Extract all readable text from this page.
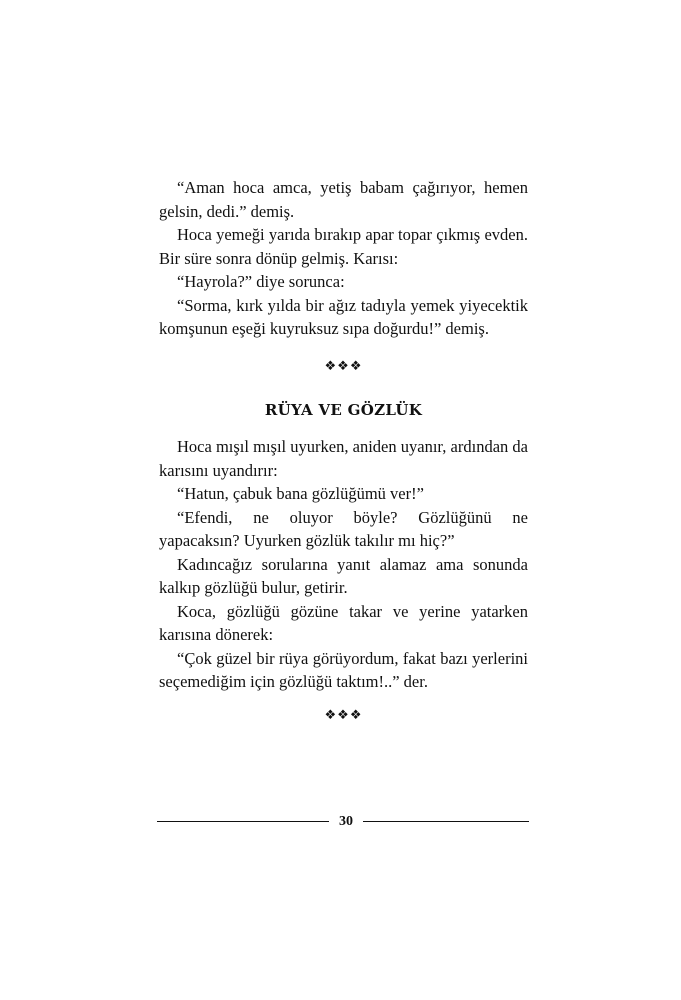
“Aman hoca amca, yetiş babam çağırıyor, hemen gelsin, dedi.” demiş.

Hoca yemeği yarıda bırakıp apar topar çıkmış evden. Bir süre sonra dönüp gelmiş. Karısı:

“Hayrola?” diye sorunca:

“Sorma, kırk yılda bir ağız tadıyla yemek yiyecektik komşunun eşeği kuyruksuz sıpa doğurdu!” demiş.

❖❖❖
RÜYA VE GÖZLÜK

Hoca mışıl mışıl uyurken, aniden uyanır, ardından da karısını uyandırır:

“Hatun, çabuk bana gözlüğümü ver!”

“Efendi, ne oluyor böyle? Gözlüğünü ne yapacaksın? Uyurken gözlük takılır mı hiç?”

Kadıncağız sorularına yanıt alamaz ama sonunda kalkıp gözlüğü bulur, getirir.

Koca, gözlüğü gözüne takar ve yerine yatarken karısına dönerek:

“Çok güzel bir rüya görüyordum, fakat bazı yerlerini seçemediğim için gözlüğü taktım!..” der.

❖❖❖
30
